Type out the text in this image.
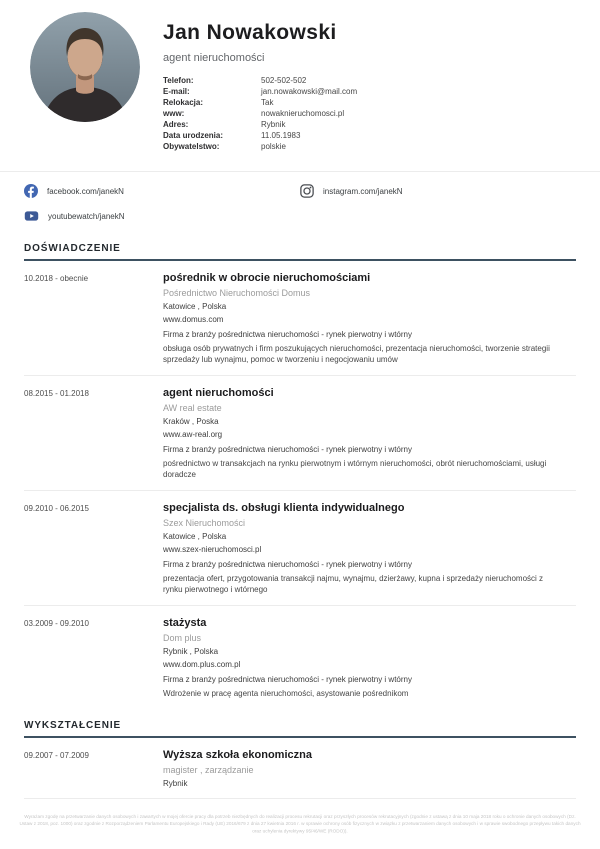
Jan Nowakowski
agent nieruchomości
Telefon:	502-502-502
E-mail:	jan.nowakowski@mail.com
Relokacja:	Tak
www:	nowaknieruchomosci.pl
Adres:	Rybnik
Data urodzenia:	11.05.1983
Obywatelstwo:	polskie
facebook.com/janekN	instagram.com/janekN
youtubewatch/janekN
DOŚWIADCZENIE
10.2018 - obecnie	pośrednik w obrocie nieruchomościami
Pośrednictwo Nieruchomości Domus
Katowice , Polska
www.domus.com
Firma z branży pośrednictwa nieruchomości - rynek pierwotny i wtórny
obsługa osób prywatnych i firm poszukujących nieruchomości, prezentacja nieruchomości, tworzenie strategii sprzedaży lub wynajmu, pomoc w tworzeniu i negocjowaniu umów
08.2015 - 01.2018	agent nieruchomości
AW real estate
Kraków , Poska
www.aw-real.org
Firma z branży pośrednictwa nieruchomości - rynek pierwotny i wtórny
pośrednictwo w transakcjach na rynku pierwotnym i wtórnym nieruchomości, obrót nieruchomościami, usługi doradcze
09.2010 - 06.2015	specjalista ds. obsługi klienta indywidualnego
Szex Nieruchomości
Katowice , Polska
www.szex-nieruchomosci.pl
Firma z branży pośrednictwa nieruchomości - rynek pierwotny i wtórny
prezentacja ofert, przygotowania transakcji najmu, wynajmu, dzierżawy, kupna i sprzedaży nieruchomości z rynku pierwotnego i wtórnego
03.2009 - 09.2010	stażysta
Dom plus
Rybnik , Polska
www.dom.plus.com.pl
Firma z branży pośrednictwa nieruchomości - rynek pierwotny i wtórny
Wdrożenie w pracę agenta nieruchomości, asystowanie pośrednikom
WYKSZTAŁCENIE
09.2007 - 07.2009	Wyższa szkoła ekonomiczna
magister , zarządzanie
Rybnik
Wyrażam zgodę na przetwarzanie danych osobowych i zawartych w mojej ofercie pracy dla potrzeb niezbędnych do realizacji procesu rekrutacji oraz przyszłych procesów rekrutacyjnych (zgodnie z ustawą z dnia 10 maja 2018 roku o ochronie danych osobowych (Dz. Ustaw z 2018, poz. 1000) oraz zgodnie z Rozporządzeniem Parlamentu Europejskiego i Rady (UE) 2016/679 z dnia 27 kwietnia 2016 r. w sprawie ochrony osób fizycznych w związku z przetwarzaniem danych osobowych i w sprawie swobodnego przepływu takich danych oraz uchylenia dyrektywy 95/46/WE (RODO)).
